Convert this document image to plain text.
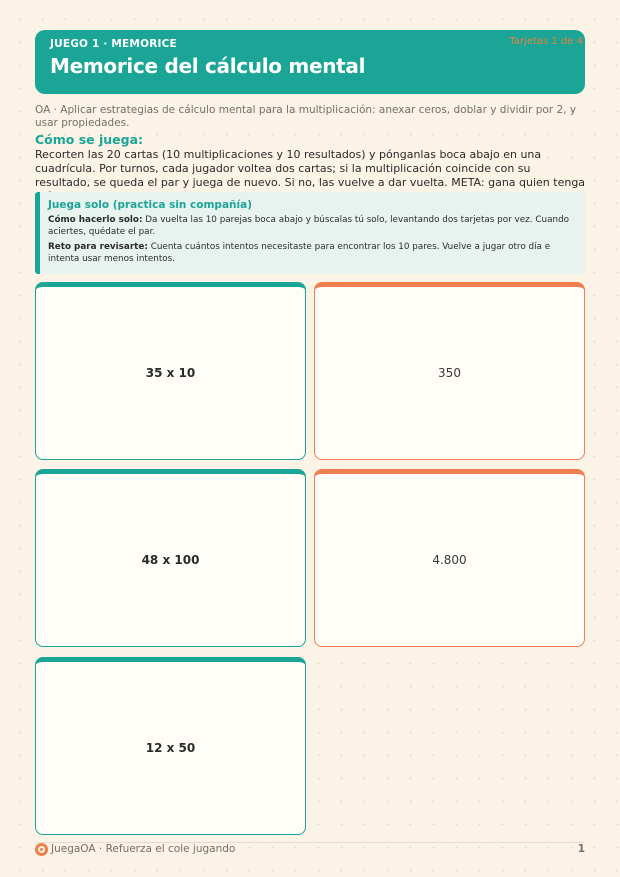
JUEGO 1 · MEMORICE
Memorice del cálculo mental
Tarjetas 1 de 4
OA · Aplicar estrategias de cálculo mental para la multiplicación: anexar ceros, doblar y dividir por 2, y usar propiedades.
Cómo se juega:
Recorten las 20 cartas (10 multiplicaciones y 10 resultados) y pónganlas boca abajo en una cuadrícula. Por turnos, cada jugador voltea dos cartas; si la multiplicación coincide con su resultado, se queda el par y juega de nuevo. Si no, las vuelve a dar vuelta. META: gana quien tenga
Juega solo (practica sin compañía)
Cómo hacerlo solo: Da vuelta las 10 parejas boca abajo y búscalas tú solo, levantando dos tarjetas por vez. Cuando aciertes, quédate el par.
Reto para revisarte: Cuenta cuántos intentos necesitaste para encontrar los 10 pares. Vuelve a jugar otro día e intenta usar menos intentos.
35 x 10	350
48 x 100	4.800
12 x 50
JuegaOA · Refuerza el cole jugando	1
